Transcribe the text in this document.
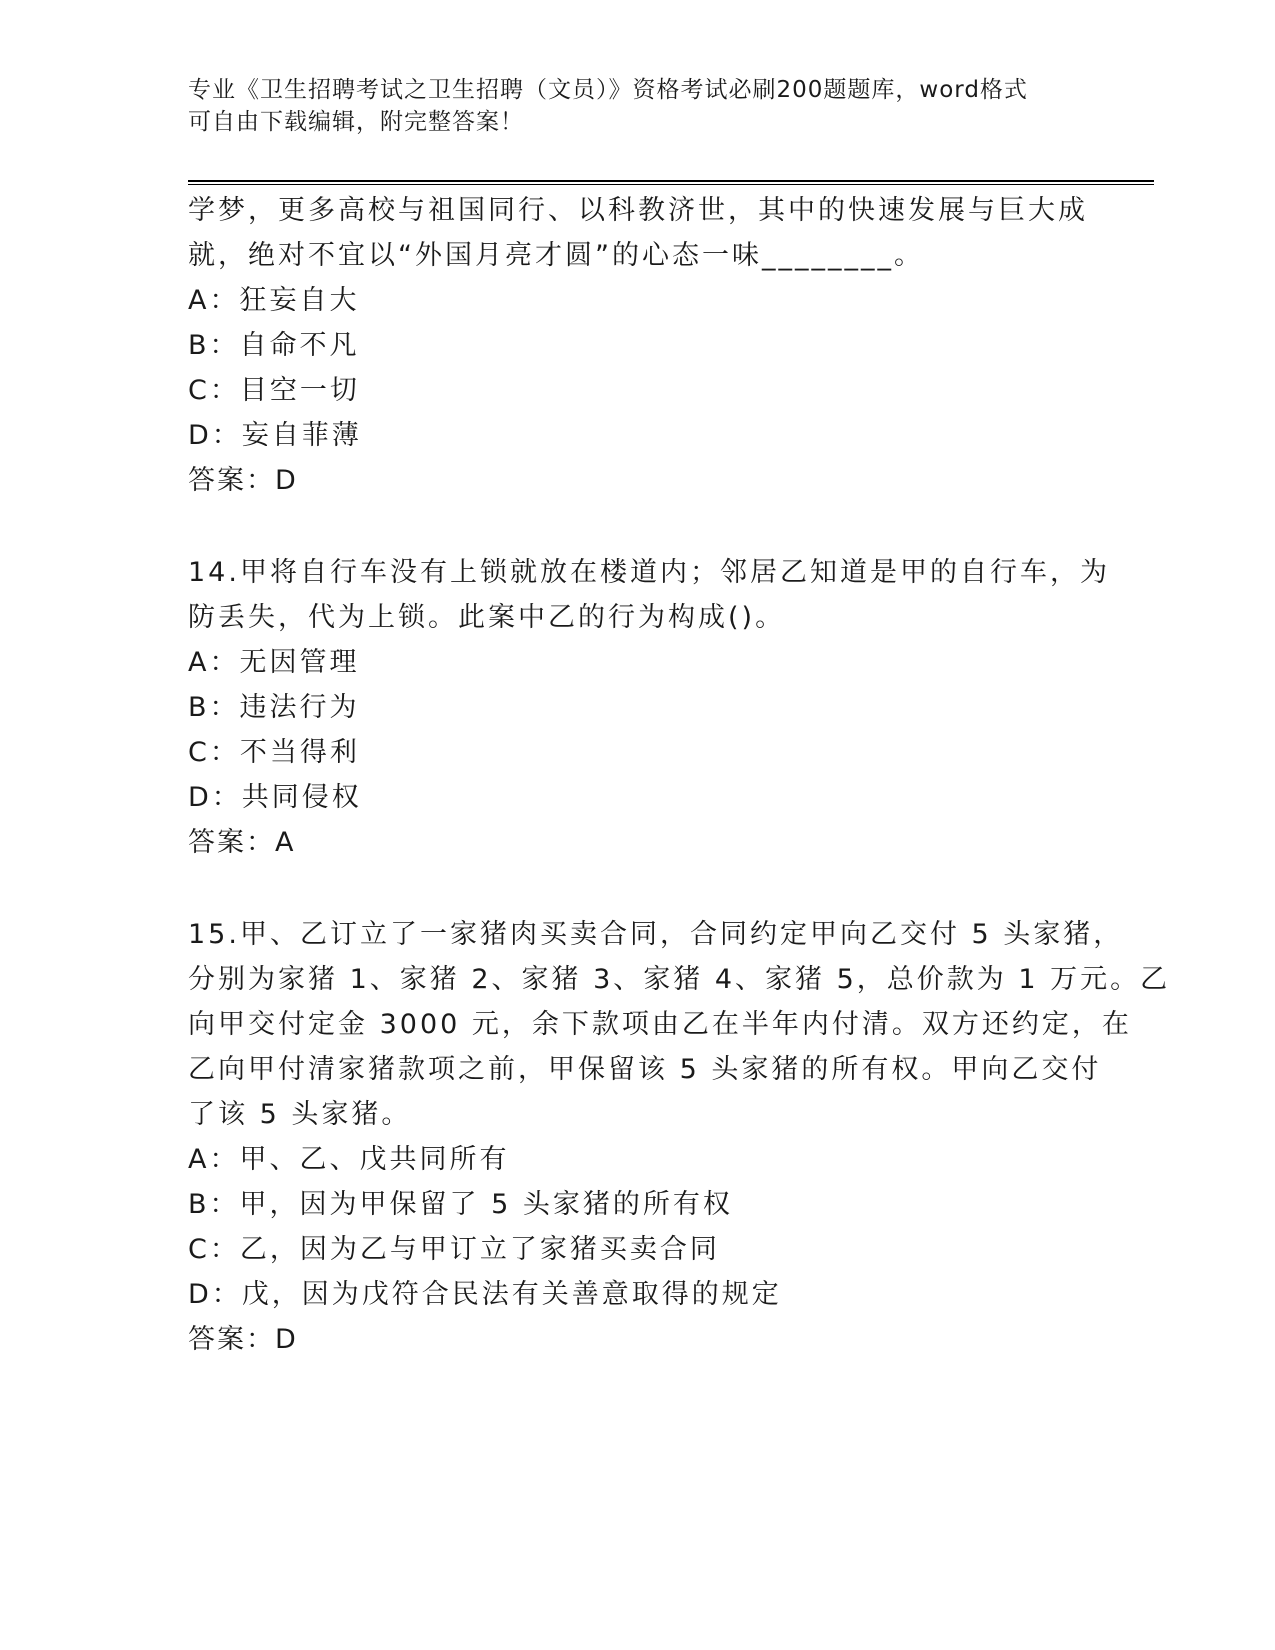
专业《卫生招聘考试之卫生招聘（文员）》资格考试必刷200题题库，word格式
可自由下载编辑，附完整答案！
学梦，更多高校与祖国同行、以科教济世，其中的快速发展与巨大成
就，绝对不宜以“外国月亮才圆”的心态一味________。
A：狂妄自大
B：自命不凡
C：目空一切
D：妄自菲薄
答案：D
14.甲将自行车没有上锁就放在楼道内；邻居乙知道是甲的自行车，为
防丢失，代为上锁。此案中乙的行为构成()。
A：无因管理
B：违法行为
C：不当得利
D：共同侵权
答案：A
15.甲、乙订立了一家猪肉买卖合同，合同约定甲向乙交付 5 头家猪，
分别为家猪 1、家猪 2、家猪 3、家猪 4、家猪 5，总价款为 1 万元。乙
向甲交付定金 3000 元，余下款项由乙在半年内付清。双方还约定，在
乙向甲付清家猪款项之前，甲保留该 5 头家猪的所有权。甲向乙交付
了该 5 头家猪。
A：甲、乙、戊共同所有
B：甲，因为甲保留了 5 头家猪的所有权
C：乙，因为乙与甲订立了家猪买卖合同
D：戊，因为戊符合民法有关善意取得的规定
答案：D
